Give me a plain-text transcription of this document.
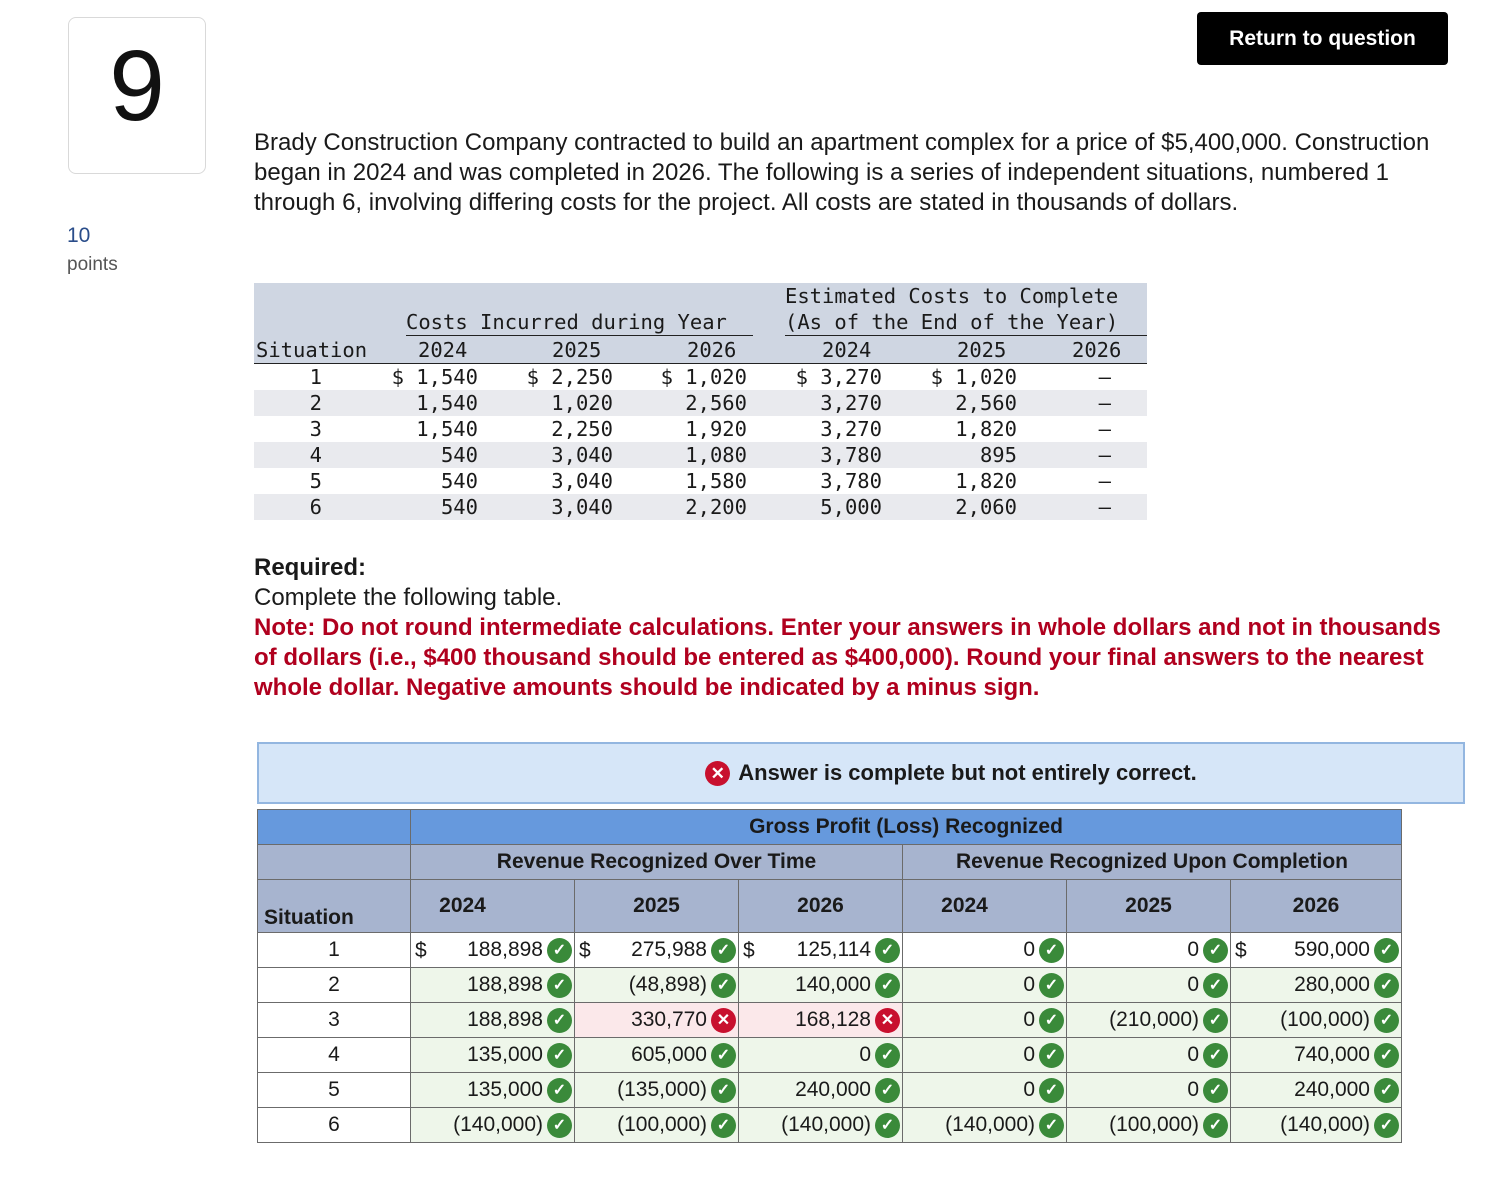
9
10
points
Return to question
Brady Construction Company contracted to build an apartment complex for a price of $5,400,000. Construction began in 2024 and was completed in 2026. The following is a series of independent situations, numbered 1 through 6, involving differing costs for the project. All costs are stated in thousands of dollars.
Estimated Costs to Complete
Costs Incurred during Year	(As of the End of the Year)
Situation 2024	2025	2026	2024	2025	2026
1	$ 1,540	$ 2,250	$ 1,020	$ 3,270	$ 1,020	—
2	1,540	1,020	2,560	3,270	2,560	—
3	1,540	2,250	1,920	3,270	1,820	—
4	540	3,040	1,080	3,780	895	—
5	540	3,040	1,580	3,780	1,820	—
6	540	3,040	2,200	5,000	2,060	—
Required:
Complete the following table.
Note: Do not round intermediate calculations. Enter your answers in whole dollars and not in thousands of dollars (i.e., $400 thousand should be entered as $400,000). Round your final answers to the nearest whole dollar. Negative amounts should be indicated by a minus sign.
✕ Answer is complete but not entirely correct.
	Gross Profit (Loss) Recognized					
	Revenue Recognized Over Time			Revenue Recognized Upon Completion		
Situation	2024	2025	2026	2024	2025	2026
1	$ 188,898 ✓	$ 275,988 ✓	$ 125,114 ✓	0 ✓	0 ✓	$ 590,000 ✓

2	188,898 ✓	(48,898) ✓	140,000 ✓	0 ✓	0 ✓	280,000 ✓

3	188,898 ✓	330,770 ✕	168,128 ✕	0 ✓	(210,000) ✓	(100,000) ✓

4	135,000 ✓	605,000 ✓	0 ✓	0 ✓	0 ✓	740,000 ✓

5	135,000 ✓	(135,000) ✓	240,000 ✓	0 ✓	0 ✓	240,000 ✓

6	(140,000) ✓	(100,000) ✓	(140,000) ✓	(140,000) ✓	(100,000) ✓	(140,000) ✓
